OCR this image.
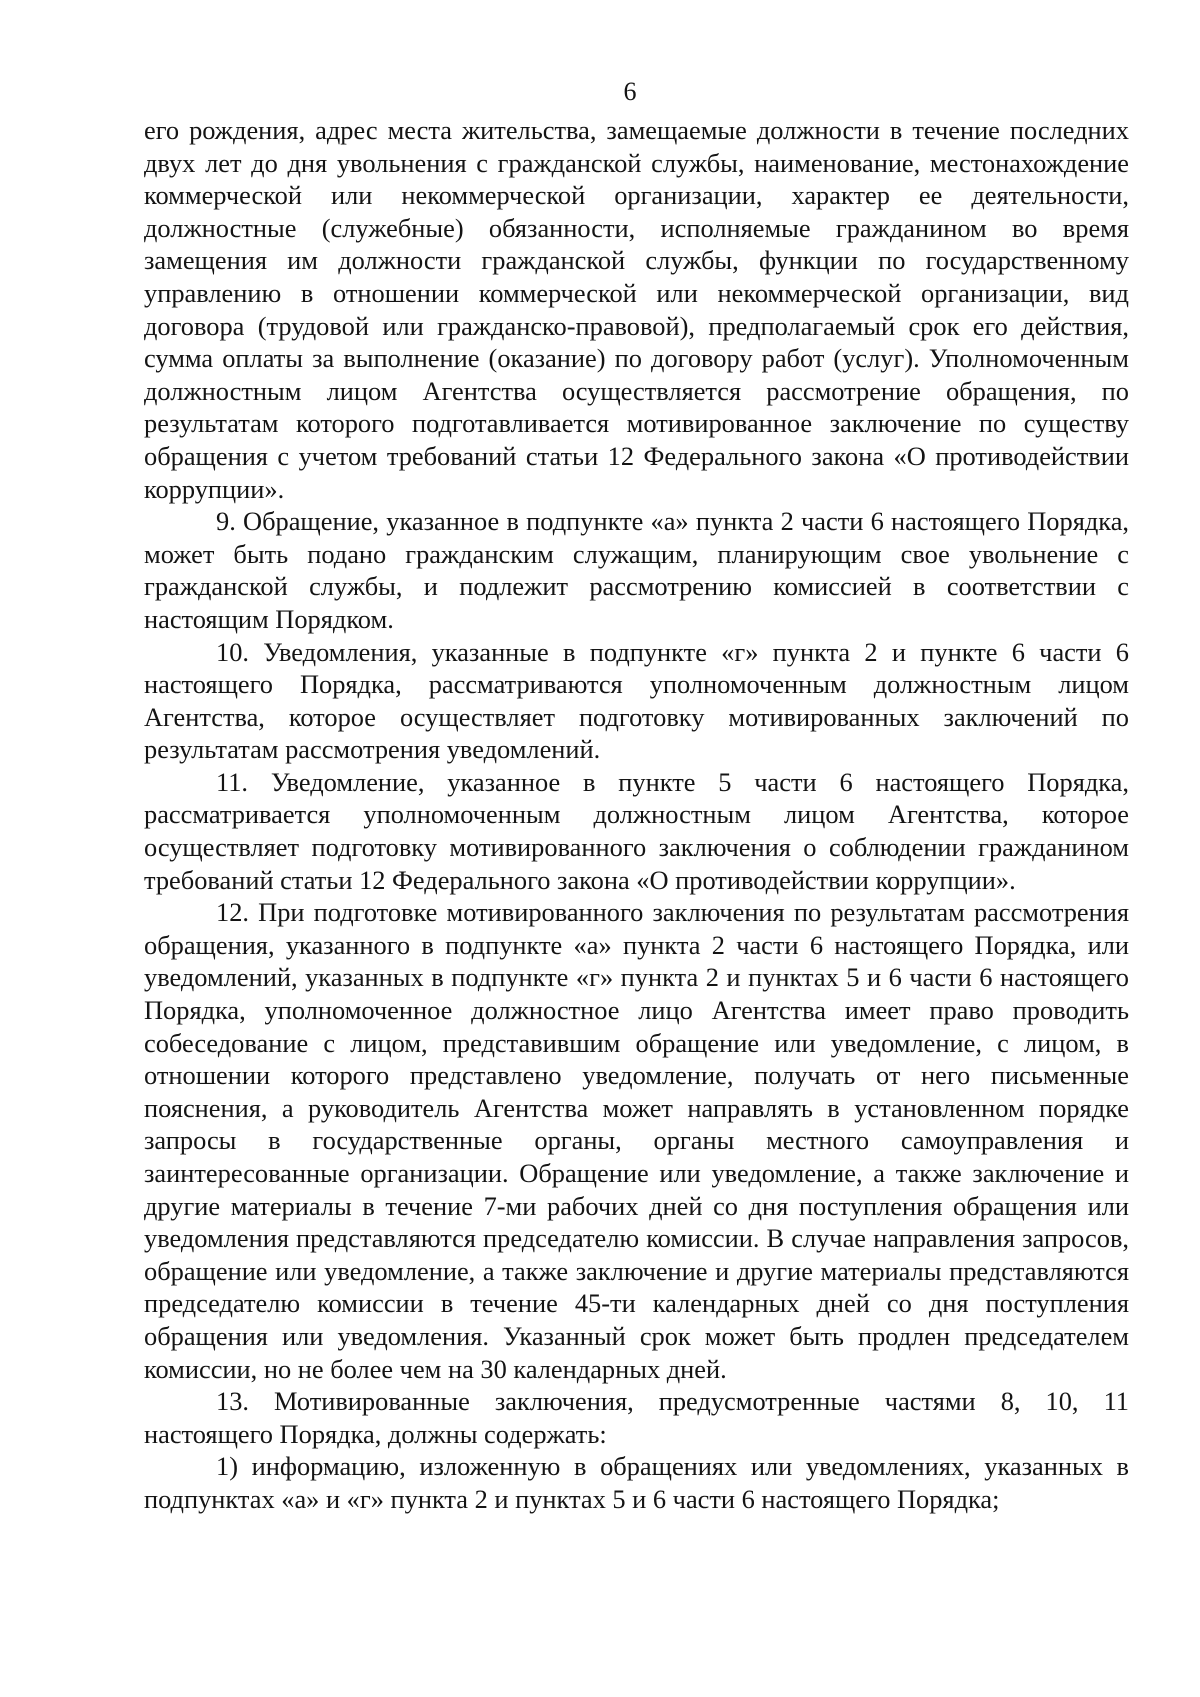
6

его рождения, адрес места жительства, замещаемые должности в течение последних двух лет до дня увольнения с гражданской службы, наименование, местонахождение коммерческой или некоммерческой организации, характер ее деятельности, должностные (служебные) обязанности, исполняемые гражданином во время замещения им должности гражданской службы, функции по государственному управлению в отношении коммерческой или некоммерческой организации, вид договора (трудовой или гражданско-правовой), предполагаемый срок его действия, сумма оплаты за выполнение (оказание) по договору работ (услуг). Уполномоченным должностным лицом Агентства осуществляется рассмотрение обращения, по результатам которого подготавливается мотивированное заключение по существу обращения с учетом требований статьи 12 Федерального закона «О противодействии коррупции».

9. Обращение, указанное в подпункте «а» пункта 2 части 6 настоящего Порядка, может быть подано гражданским служащим, планирующим свое увольнение с гражданской службы, и подлежит рассмотрению комиссией в соответствии с настоящим Порядком.

10. Уведомления, указанные в подпункте «г» пункта 2 и пункте 6 части 6 настоящего Порядка, рассматриваются уполномоченным должностным лицом Агентства, которое осуществляет подготовку мотивированных заключений по результатам рассмотрения уведомлений.

11. Уведомление, указанное в пункте 5 части 6 настоящего Порядка, рассматривается уполномоченным должностным лицом Агентства, которое осуществляет подготовку мотивированного заключения о соблюдении гражданином требований статьи 12 Федерального закона «О противодействии коррупции».

12. При подготовке мотивированного заключения по результатам рассмотрения обращения, указанного в подпункте «а» пункта 2 части 6 настоящего Порядка, или уведомлений, указанных в подпункте «г» пункта 2 и пунктах 5 и 6 части 6 настоящего Порядка, уполномоченное должностное лицо Агентства имеет право проводить собеседование с лицом, представившим обращение или уведомление, с лицом, в отношении которого представлено уведомление, получать от него письменные пояснения, а руководитель Агентства может направлять в установленном порядке запросы в государственные органы, органы местного самоуправления и заинтересованные организации. Обращение или уведомление, а также заключение и другие материалы в течение 7-ми рабочих дней со дня поступления обращения или уведомления представляются председателю комиссии. В случае направления запросов, обращение или уведомление, а также заключение и другие материалы представляются председателю комиссии в течение 45-ти календарных дней со дня поступления обращения или уведомления. Указанный срок может быть продлен председателем комиссии, но не более чем на 30 календарных дней.

13. Мотивированные заключения, предусмотренные частями 8, 10, 11 настоящего Порядка, должны содержать:

1) информацию, изложенную в обращениях или уведомлениях, указанных в подпунктах «а» и «г» пункта 2 и пунктах 5 и 6 части 6 настоящего Порядка;
